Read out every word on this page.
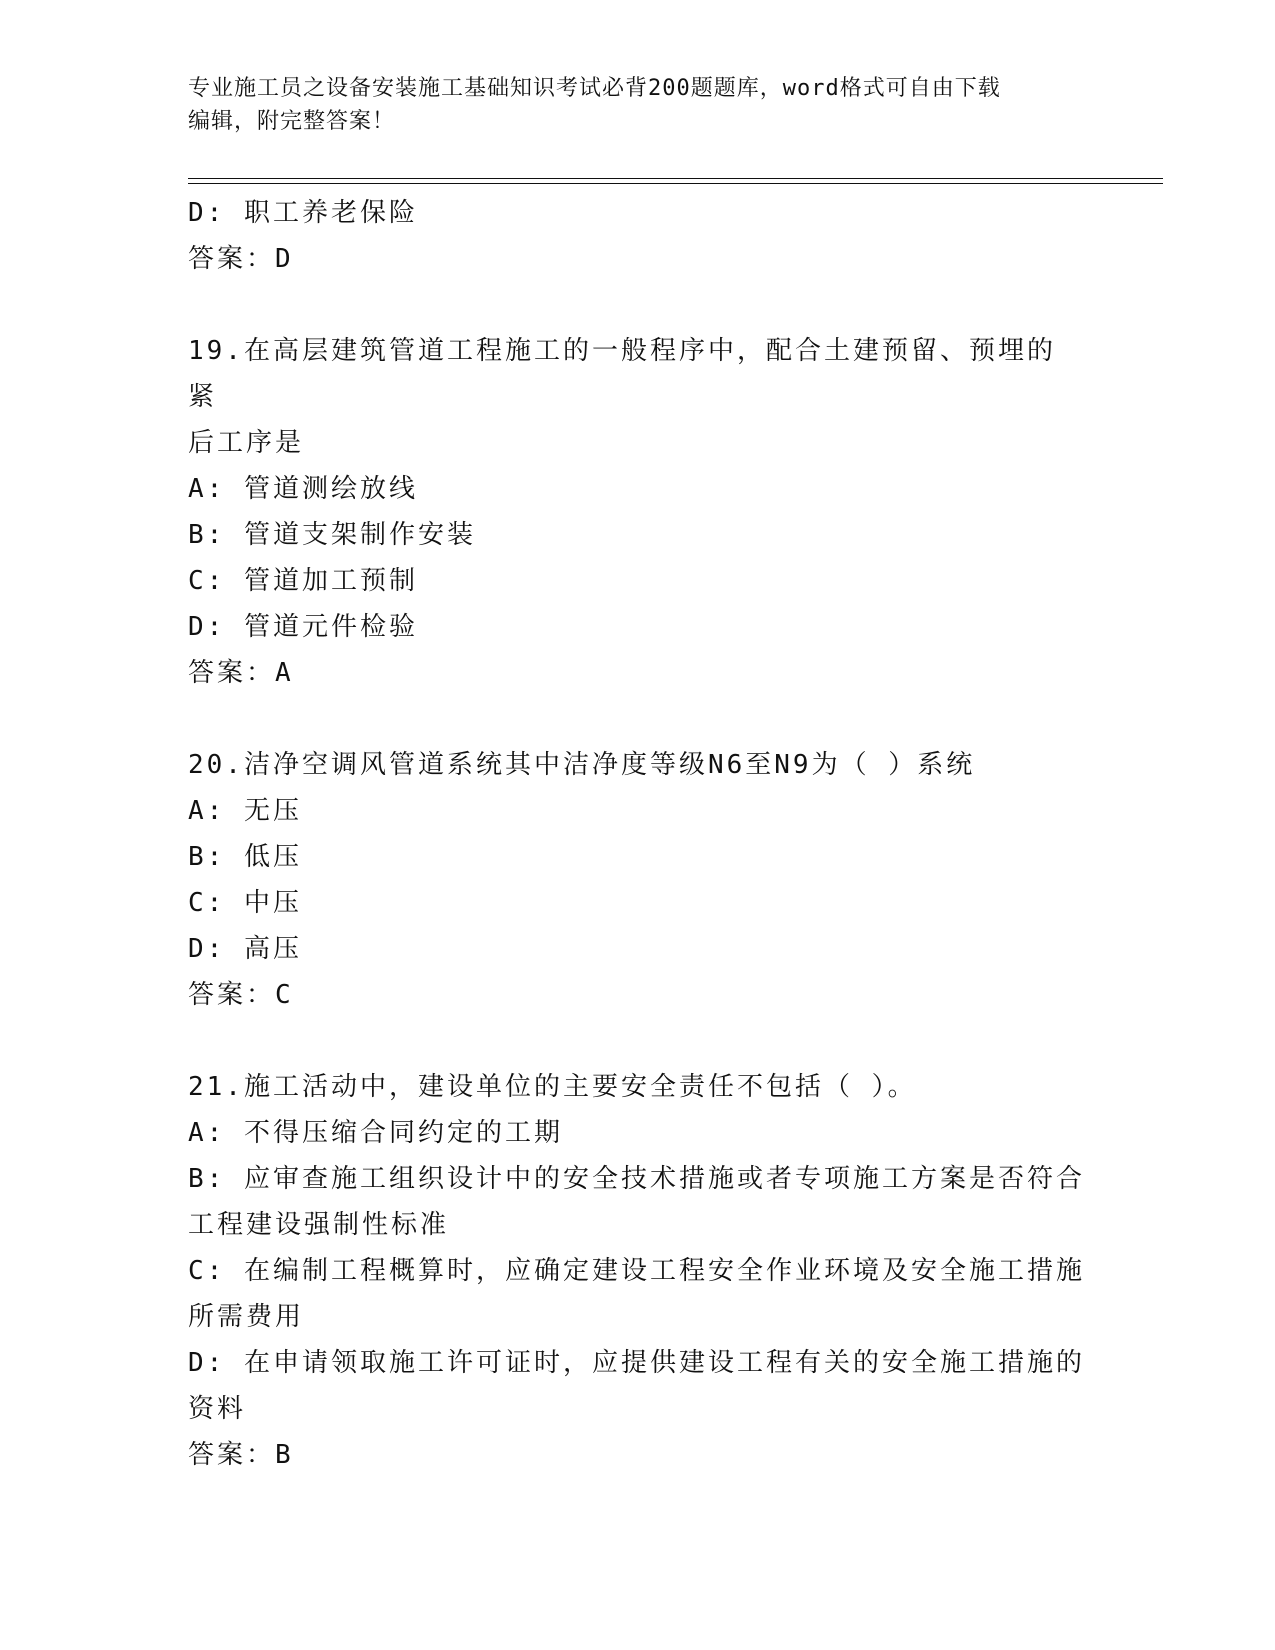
专业施工员之设备安装施工基础知识考试必背200题题库，word格式可自由下载
编辑，附完整答案！
D: 职工养老保险
答案：D
19.在高层建筑管道工程施工的一般程序中，配合土建预留、预埋的紧
后工序是
A: 管道测绘放线
B: 管道支架制作安装
C: 管道加工预制
D: 管道元件检验
答案：A
20.洁净空调风管道系统其中洁净度等级N6至N9为（ ）系统
A: 无压
B: 低压
C: 中压
D: 高压
答案：C
21.施工活动中，建设单位的主要安全责任不包括（ ）。
A: 不得压缩合同约定的工期
B: 应审查施工组织设计中的安全技术措施或者专项施工方案是否符合
工程建设强制性标准
C: 在编制工程概算时，应确定建设工程安全作业环境及安全施工措施
所需费用
D: 在申请领取施工许可证时，应提供建设工程有关的安全施工措施的
资料
答案：B
